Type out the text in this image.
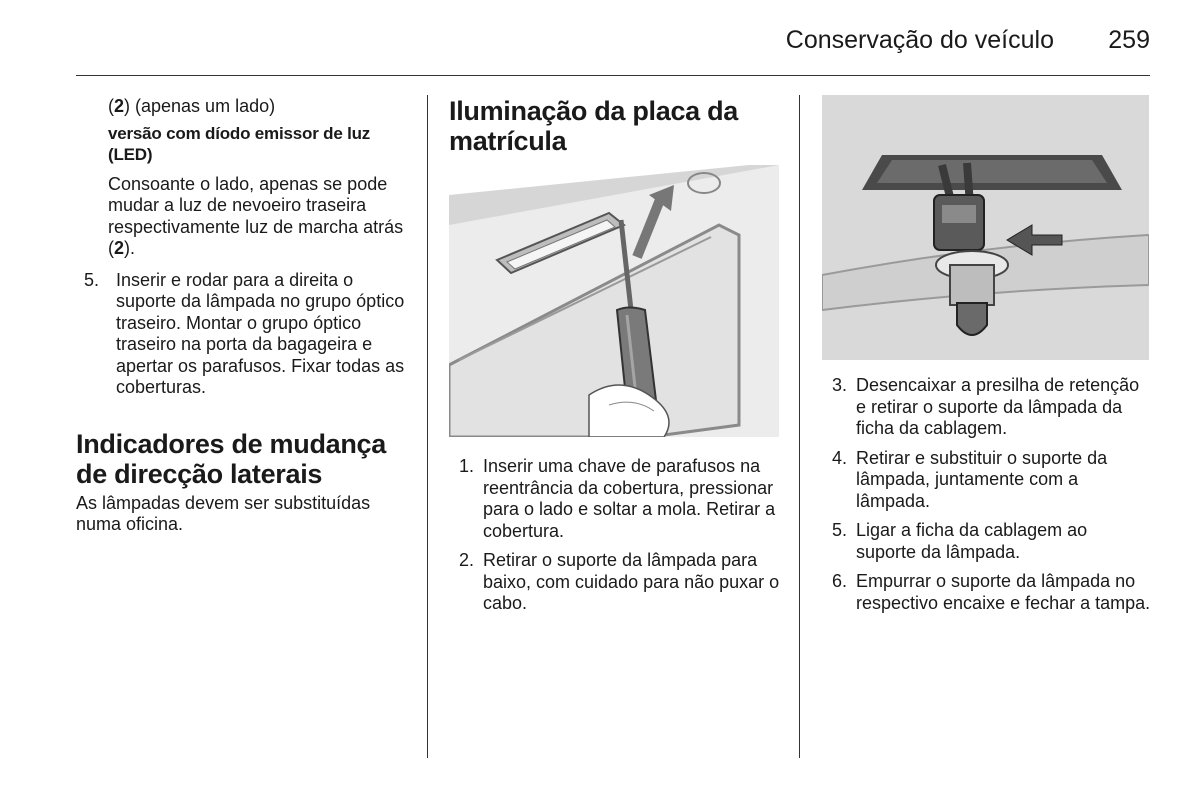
Conservação do veículo 259

(2) (apenas um lado)

versão com díodo emissor de luz (LED)

Consoante o lado, apenas se pode mudar a luz de nevoeiro traseira respectivamente luz de marcha atrás (2).

5. Inserir e rodar para a direita o suporte da lâmpada no grupo óptico traseiro. Montar o grupo óptico traseiro na porta da bagageira e apertar os parafusos. Fixar todas as coberturas.

Indicadores de mudança de direcção laterais

As lâmpadas devem ser substituídas numa oficina.

Iluminação da placa da matrícula

1. Inserir uma chave de parafusos na reentrância da cobertura, pressionar para o lado e soltar a mola. Retirar a cobertura.
2. Retirar o suporte da lâmpada para baixo, com cuidado para não puxar o cabo.
3. Desencaixar a presilha de retenção e retirar o suporte da lâmpada da ficha da cablagem.
4. Retirar e substituir o suporte da lâmpada, juntamente com a lâmpada.
5. Ligar a ficha da cablagem ao suporte da lâmpada.
6. Empurrar o suporte da lâmpada no respectivo encaixe e fechar a tampa.
